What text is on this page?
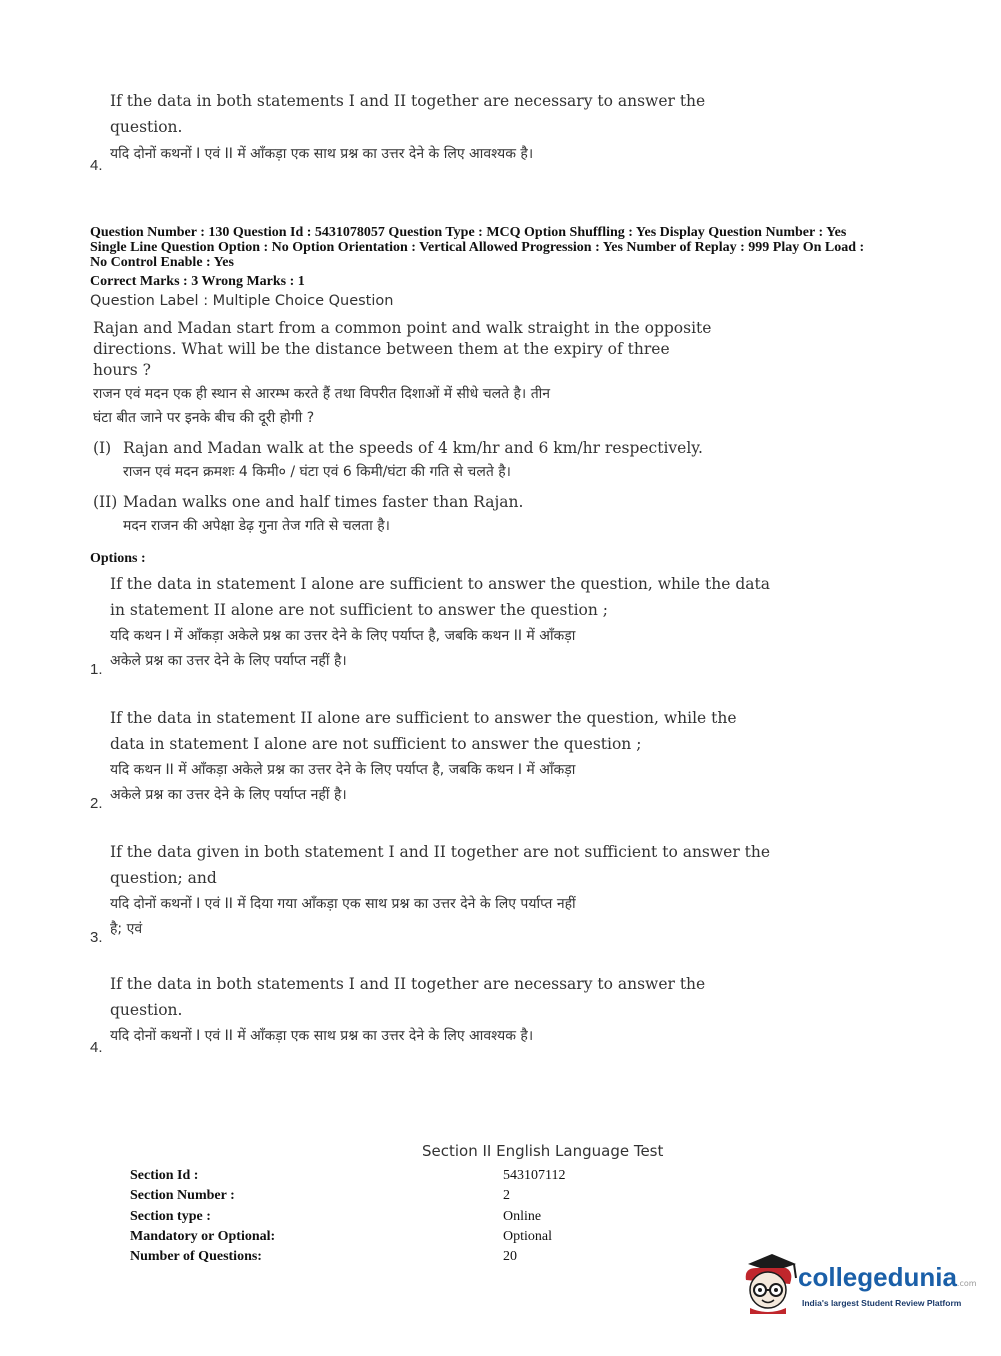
If the data in both statements I and II together are necessary to answer the
question.
यदि दोनों कथनों I एवं II में आँकड़ा एक साथ प्रश्न का उत्तर देने के लिए आवश्यक है।
4.
Question Number : 130 Question Id : 5431078057 Question Type : MCQ Option Shuffling : Yes Display Question Number : Yes
Single Line Question Option : No Option Orientation : Vertical Allowed Progression : Yes Number of Replay : 999 Play On Load :
No Control Enable : Yes
Correct Marks : 3 Wrong Marks : 1
Question Label : Multiple Choice Question
Rajan and Madan start from a common point and walk straight in the opposite
directions. What will be the distance between them at the expiry of three
hours ?
राजन एवं मदन एक ही स्थान से आरम्भ करते हैं तथा विपरीत दिशाओं में सीधे चलते है। तीन
घंटा बीत जाने पर इनके बीच की दूरी होगी ?
(I) Rajan and Madan walk at the speeds of 4 km/hr and 6 km/hr respectively.
राजन एवं मदन क्रमशः 4 किमी० / घंटा एवं 6 किमी/घंटा की गति से चलते है।
(II) Madan walks one and half times faster than Rajan.
मदन राजन की अपेक्षा डेढ़ गुना तेज गति से चलता है।
Options :
If the data in statement I alone are sufficient to answer the question, while the data
in statement II alone are not sufficient to answer the question ;
यदि कथन I में आँकड़ा अकेले प्रश्न का उत्तर देने के लिए पर्याप्त है, जबकि कथन II में आँकड़ा
अकेले प्रश्न का उत्तर देने के लिए पर्याप्त नहीं है।
1.
If the data in statement II alone are sufficient to answer the question, while the
data in statement I alone are not sufficient to answer the question ;
यदि कथन II में आँकड़ा अकेले प्रश्न का उत्तर देने के लिए पर्याप्त है, जबकि कथन I में आँकड़ा
अकेले प्रश्न का उत्तर देने के लिए पर्याप्त नहीं है।
2.
If the data given in both statement I and II together are not sufficient to answer the
question; and
यदि दोनों कथनों I एवं II में दिया गया आँकड़ा एक साथ प्रश्न का उत्तर देने के लिए पर्याप्त नहीं
है; एवं
3.
If the data in both statements I and II together are necessary to answer the
question.
यदि दोनों कथनों I एवं II में आँकड़ा एक साथ प्रश्न का उत्तर देने के लिए आवश्यक है।
4.
Section II English Language Test
Section Id :	543107112
Section Number :	2
Section type :	Online
Mandatory or Optional:	Optional
Number of Questions:	20
collegedunia.com
India's largest Student Review Platform
